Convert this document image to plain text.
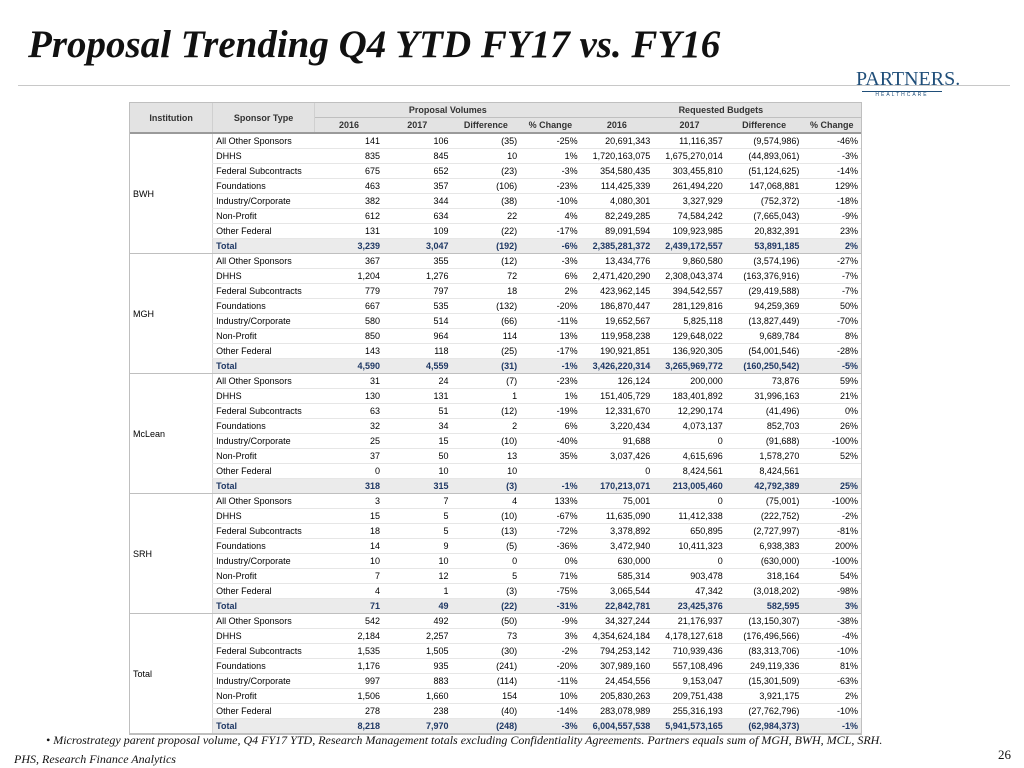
Proposal Trending Q4 YTD FY17 vs. FY16
PARTNERS.
HEALTHCARE
Institution	Sponsor Type	Proposal Volumes				Requested Budgets			
		2016	2017	Difference	% Change	2016	2017	Difference	% Change
BWH	All Other Sponsors	141	106	(35)	-25%	20,691,343	11,116,357	(9,574,986)	-46%
	DHHS	835	845	10	1%	1,720,163,075	1,675,270,014	(44,893,061)	-3%
	Federal Subcontracts	675	652	(23)	-3%	354,580,435	303,455,810	(51,124,625)	-14%
	Foundations	463	357	(106)	-23%	114,425,339	261,494,220	147,068,881	129%
	Industry/Corporate	382	344	(38)	-10%	4,080,301	3,327,929	(752,372)	-18%
	Non-Profit	612	634	22	4%	82,249,285	74,584,242	(7,665,043)	-9%
	Other Federal	131	109	(22)	-17%	89,091,594	109,923,985	20,832,391	23%
	Total	3,239	3,047	(192)	-6%	2,385,281,372	2,439,172,557	53,891,185	2%
MGH	All Other Sponsors	367	355	(12)	-3%	13,434,776	9,860,580	(3,574,196)	-27%
	DHHS	1,204	1,276	72	6%	2,471,420,290	2,308,043,374	(163,376,916)	-7%
	Federal Subcontracts	779	797	18	2%	423,962,145	394,542,557	(29,419,588)	-7%
	Foundations	667	535	(132)	-20%	186,870,447	281,129,816	94,259,369	50%
	Industry/Corporate	580	514	(66)	-11%	19,652,567	5,825,118	(13,827,449)	-70%
	Non-Profit	850	964	114	13%	119,958,238	129,648,022	9,689,784	8%
	Other Federal	143	118	(25)	-17%	190,921,851	136,920,305	(54,001,546)	-28%
	Total	4,590	4,559	(31)	-1%	3,426,220,314	3,265,969,772	(160,250,542)	-5%
McLean	All Other Sponsors	31	24	(7)	-23%	126,124	200,000	73,876	59%
	DHHS	130	131	1	1%	151,405,729	183,401,892	31,996,163	21%
	Federal Subcontracts	63	51	(12)	-19%	12,331,670	12,290,174	(41,496)	0%
	Foundations	32	34	2	6%	3,220,434	4,073,137	852,703	26%
	Industry/Corporate	25	15	(10)	-40%	91,688	0	(91,688)	-100%
	Non-Profit	37	50	13	35%	3,037,426	4,615,696	1,578,270	52%
	Other Federal	0	10	10		0	8,424,561	8,424,561	
	Total	318	315	(3)	-1%	170,213,071	213,005,460	42,792,389	25%
SRH	All Other Sponsors	3	7	4	133%	75,001	0	(75,001)	-100%
	DHHS	15	5	(10)	-67%	11,635,090	11,412,338	(222,752)	-2%
	Federal Subcontracts	18	5	(13)	-72%	3,378,892	650,895	(2,727,997)	-81%
	Foundations	14	9	(5)	-36%	3,472,940	10,411,323	6,938,383	200%
	Industry/Corporate	10	10	0	0%	630,000	0	(630,000)	-100%
	Non-Profit	7	12	5	71%	585,314	903,478	318,164	54%
	Other Federal	4	1	(3)	-75%	3,065,544	47,342	(3,018,202)	-98%
	Total	71	49	(22)	-31%	22,842,781	23,425,376	582,595	3%
Total	All Other Sponsors	542	492	(50)	-9%	34,327,244	21,176,937	(13,150,307)	-38%
	DHHS	2,184	2,257	73	3%	4,354,624,184	4,178,127,618	(176,496,566)	-4%
	Federal Subcontracts	1,535	1,505	(30)	-2%	794,253,142	710,939,436	(83,313,706)	-10%
	Foundations	1,176	935	(241)	-20%	307,989,160	557,108,496	249,119,336	81%
	Industry/Corporate	997	883	(114)	-11%	24,454,556	9,153,047	(15,301,509)	-63%
	Non-Profit	1,506	1,660	154	10%	205,830,263	209,751,438	3,921,175	2%
	Other Federal	278	238	(40)	-14%	283,078,989	255,316,193	(27,762,796)	-10%
	Total	8,218	7,970	(248)	-3%	6,004,557,538	5,941,573,165	(62,984,373)	-1%
• Microstrategy parent proposal volume, Q4 FY17 YTD, Research Management totals excluding Confidentiality Agreements. Partners equals sum of MGH, BWH, MCL, SRH.
PHS, Research Finance Analytics	26
